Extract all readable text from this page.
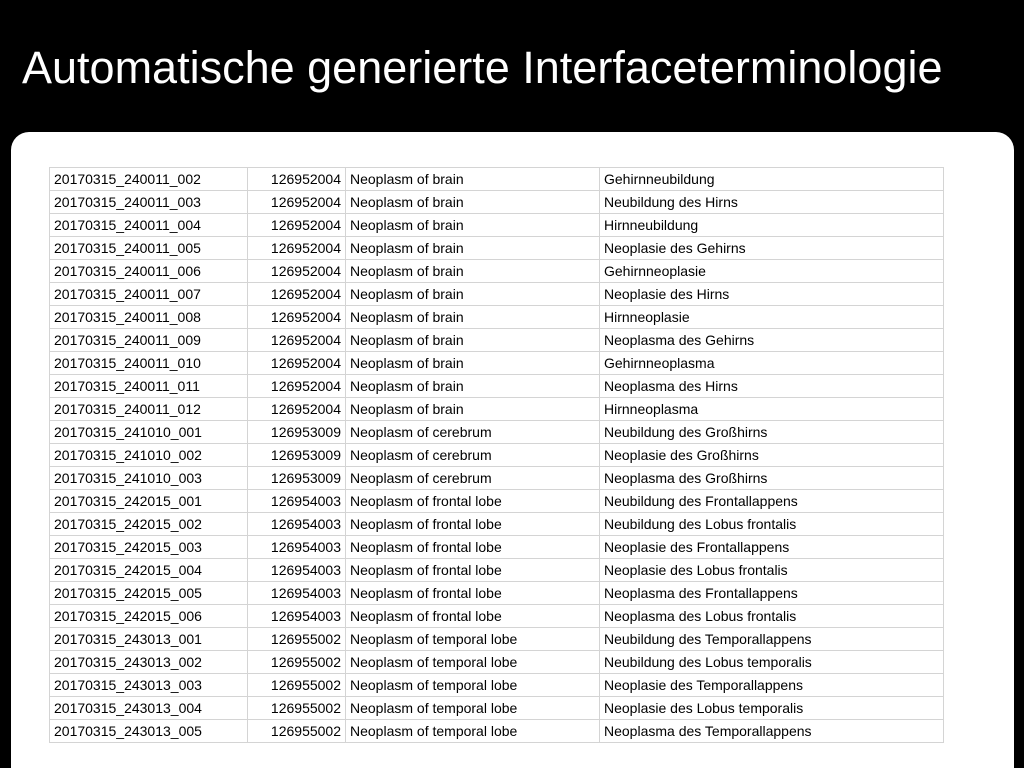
Automatische generierte Interfaceterminologie
20170315_240011_002	126952004	Neoplasm of brain	Gehirnneubildung
20170315_240011_003	126952004	Neoplasm of brain	Neubildung des Hirns
20170315_240011_004	126952004	Neoplasm of brain	Hirnneubildung
20170315_240011_005	126952004	Neoplasm of brain	Neoplasie des Gehirns
20170315_240011_006	126952004	Neoplasm of brain	Gehirnneoplasie
20170315_240011_007	126952004	Neoplasm of brain	Neoplasie des Hirns
20170315_240011_008	126952004	Neoplasm of brain	Hirnneoplasie
20170315_240011_009	126952004	Neoplasm of brain	Neoplasma des Gehirns
20170315_240011_010	126952004	Neoplasm of brain	Gehirnneoplasma
20170315_240011_011	126952004	Neoplasm of brain	Neoplasma des Hirns
20170315_240011_012	126952004	Neoplasm of brain	Hirnneoplasma
20170315_241010_001	126953009	Neoplasm of cerebrum	Neubildung des Großhirns
20170315_241010_002	126953009	Neoplasm of cerebrum	Neoplasie des Großhirns
20170315_241010_003	126953009	Neoplasm of cerebrum	Neoplasma des Großhirns
20170315_242015_001	126954003	Neoplasm of frontal lobe	Neubildung des Frontallappens
20170315_242015_002	126954003	Neoplasm of frontal lobe	Neubildung des Lobus frontalis
20170315_242015_003	126954003	Neoplasm of frontal lobe	Neoplasie des Frontallappens
20170315_242015_004	126954003	Neoplasm of frontal lobe	Neoplasie des Lobus frontalis
20170315_242015_005	126954003	Neoplasm of frontal lobe	Neoplasma des Frontallappens
20170315_242015_006	126954003	Neoplasm of frontal lobe	Neoplasma des Lobus frontalis
20170315_243013_001	126955002	Neoplasm of temporal lobe	Neubildung des Temporallappens
20170315_243013_002	126955002	Neoplasm of temporal lobe	Neubildung des Lobus temporalis
20170315_243013_003	126955002	Neoplasm of temporal lobe	Neoplasie des Temporallappens
20170315_243013_004	126955002	Neoplasm of temporal lobe	Neoplasie des Lobus temporalis
20170315_243013_005	126955002	Neoplasm of temporal lobe	Neoplasma des Temporallappens
